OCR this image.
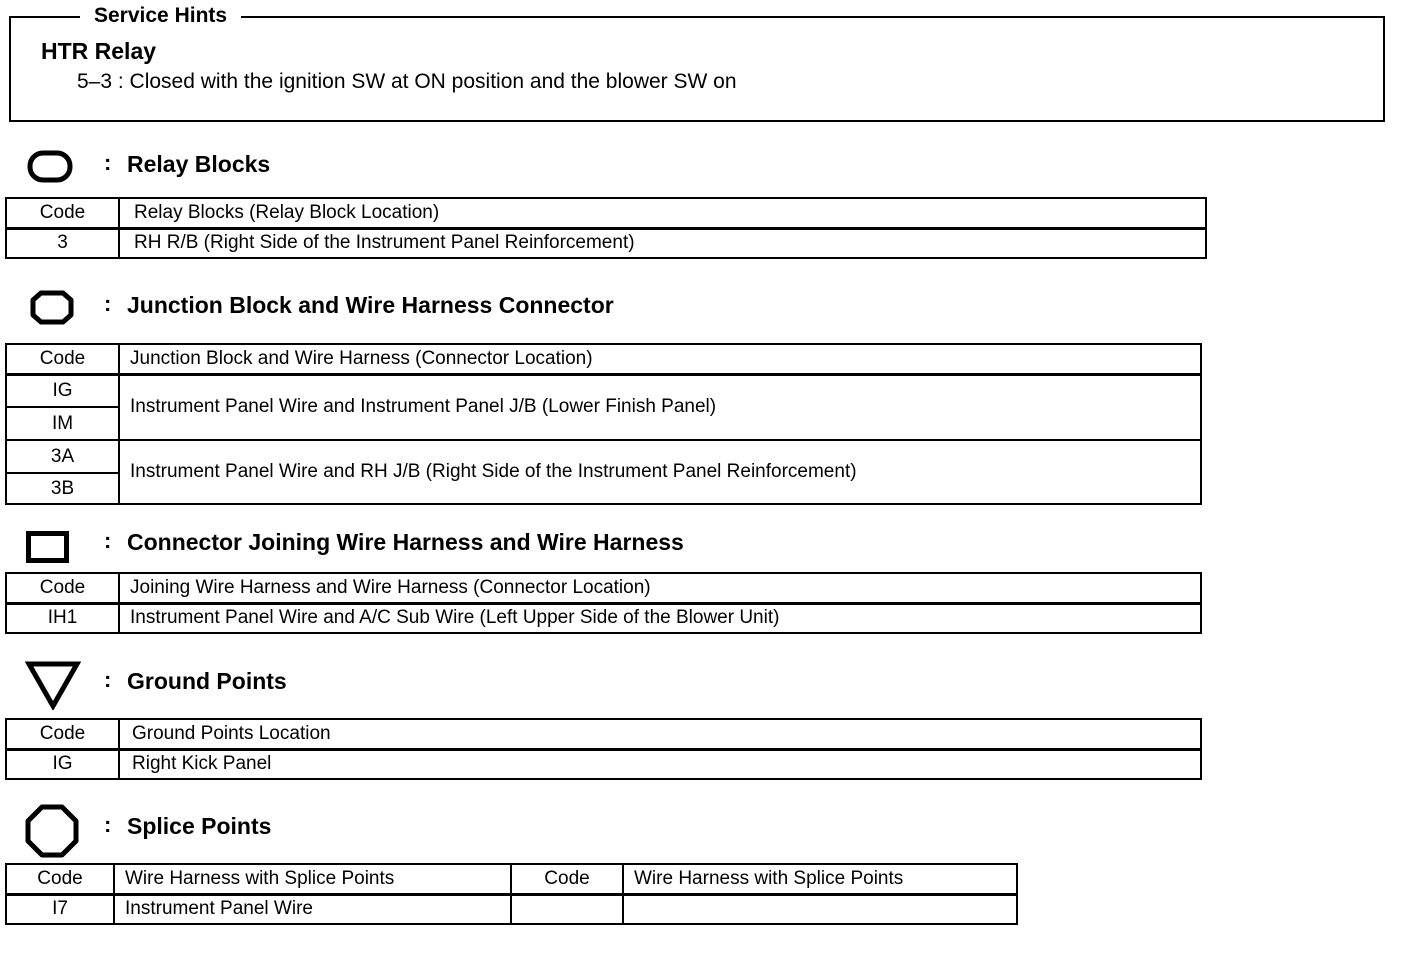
Service Hints
HTR Relay
5–3 : Closed with the ignition SW at ON position and the blower SW on
: Relay Blocks
Code	Relay Blocks (Relay Block Location)
3	RH R/B (Right Side of the Instrument Panel Reinforcement)
: Junction Block and Wire Harness Connector
Code	Junction Block and Wire Harness (Connector Location)
IG	Instrument Panel Wire and Instrument Panel J/B (Lower Finish Panel)
IM	
3A	Instrument Panel Wire and RH J/B (Right Side of the Instrument Panel Reinforcement)
3B	
: Connector Joining Wire Harness and Wire Harness
Code	Joining Wire Harness and Wire Harness (Connector Location)
IH1	Instrument Panel Wire and A/C Sub Wire (Left Upper Side of the Blower Unit)
: Ground Points
Code	Ground Points Location
IG	Right Kick Panel
: Splice Points
Code	Wire Harness with Splice Points	Code	Wire Harness with Splice Points
I7	Instrument Panel Wire		
